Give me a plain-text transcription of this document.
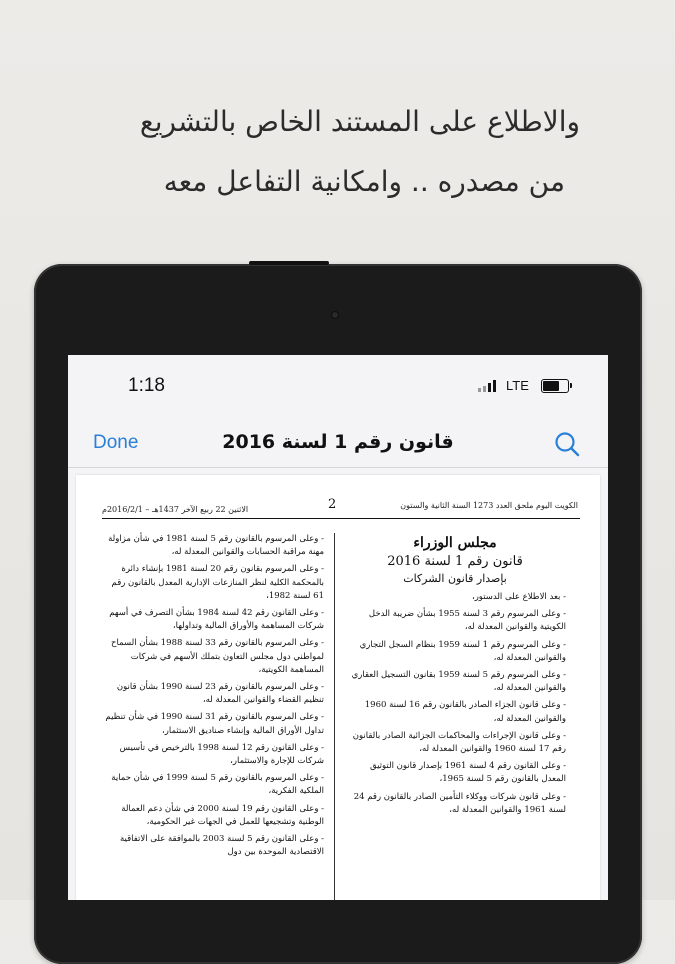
والاطلاع على المستند الخاص بالتشريع
من مصدره .. وامكانية التفاعل معه
1:18	LTE
Done	قانون رقم 1 لسنة 2016
الاثنين 22 ربيع الآخر 1437هـ – 2016/2/1م	2	الكويت اليوم ملحق العدد 1273 السنة الثانية والستون
مجلس الوزراء
قانون رقم 1 لسنة 2016
بإصدار قانون الشركات

- بعد الاطلاع على الدستور،

- وعلى المرسوم رقم 3 لسنة 1955 بشأن ضريبة الدخل الكويتية والقوانين المعدلة له،

- وعلى المرسوم رقم 1 لسنة 1959 بنظام السجل التجاري والقوانين المعدلة له،

- وعلى المرسوم رقم 5 لسنة 1959 بقانون التسجيل العقاري والقوانين المعدلة له،

- وعلى قانون الجزاء الصادر بالقانون رقم 16 لسنة 1960 والقوانين المعدلة له،

- وعلى قانون الإجراءات والمحاكمات الجزائية الصادر بالقانون رقم 17 لسنة 1960 والقوانين المعدلة له،

- وعلى القانون رقم 4 لسنة 1961 بإصدار قانون التوثيق المعدل بالقانون رقم 5 لسنة 1965،

- وعلى قانون شركات ووكلاء التأمين الصادر بالقانون رقم 24 لسنة 1961 والقوانين المعدلة له،

- وعلى المرسوم بالقانون رقم 5 لسنة 1981 في شأن مزاولة مهنة مراقبة الحسابات والقوانين المعدلة له،

- وعلى المرسوم بقانون رقم 20 لسنة 1981 بإنشاء دائرة بالمحكمة الكلية لنظر المنازعات الإدارية المعدل بالقانون رقم 61 لسنة 1982،

- وعلى القانون رقم 42 لسنة 1984 بشأن التصرف في أسهم شركات المساهمة والأوراق المالية وتداولها،

- وعلى المرسوم بالقانون رقم 33 لسنة 1988 بشأن السماح لمواطني دول مجلس التعاون بتملك الأسهم في شركات المساهمة الكويتية،

- وعلى المرسوم بالقانون رقم 23 لسنة 1990 بشأن قانون تنظيم القضاء والقوانين المعدلة له،

- وعلى المرسوم بالقانون رقم 31 لسنة 1990 في شأن تنظيم تداول الأوراق المالية وإنشاء صناديق الاستثمار،

- وعلى القانون رقم 12 لسنة 1998 بالترخيص في تأسيس شركات للإجارة والاستثمار،

- وعلى المرسوم بالقانون رقم 5 لسنة 1999 في شأن حماية الملكية الفكرية،

- وعلى القانون رقم 19 لسنة 2000 في شأن دعم العمالة الوطنية وتشجيعها للعمل في الجهات غير الحكومية،

- وعلى القانون رقم 5 لسنة 2003 بالموافقة على الاتفاقية الاقتصادية الموحدة بين دول
